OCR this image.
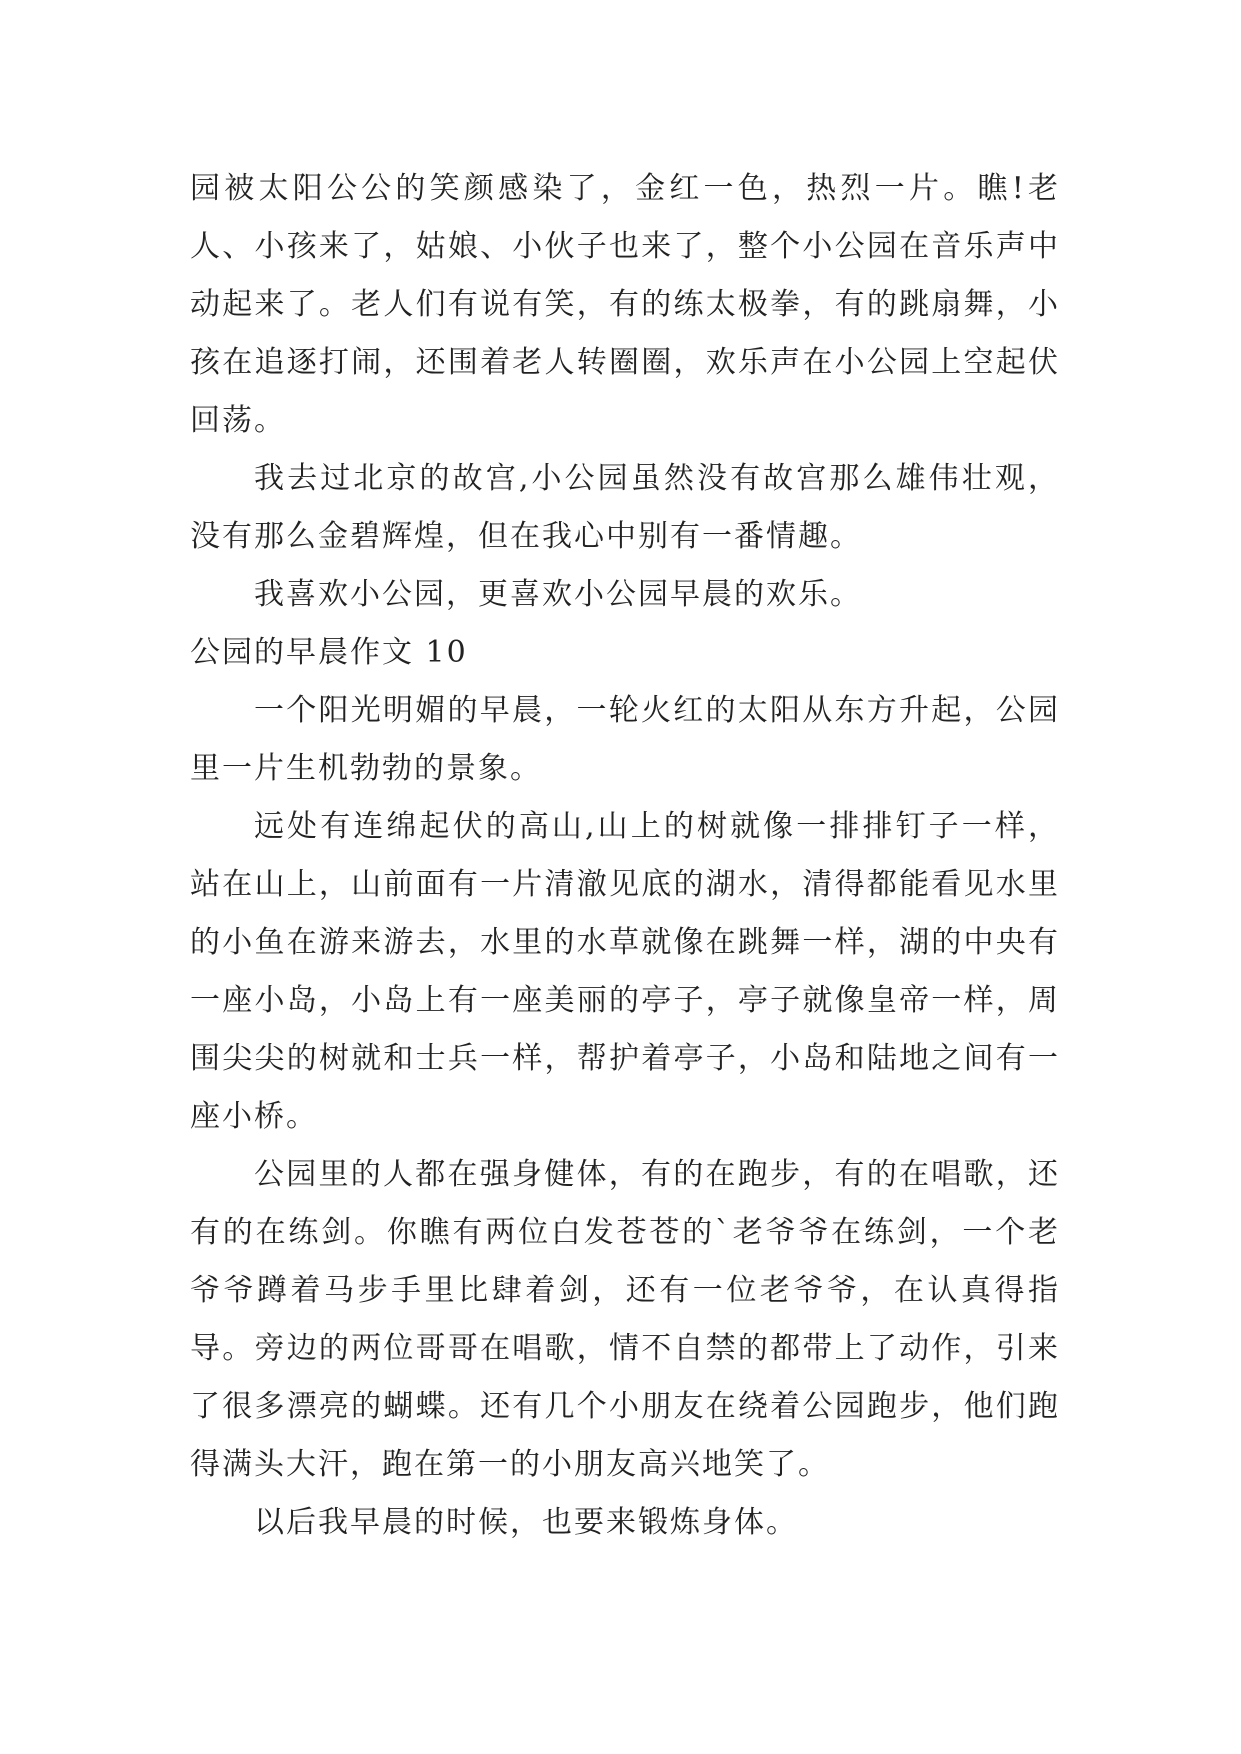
园被太阳公公的笑颜感染了，金红一色，热烈一片。瞧!老人、小孩来了，姑娘、小伙子也来了，整个小公园在音乐声中动起来了。老人们有说有笑，有的练太极拳，有的跳扇舞，小孩在追逐打闹，还围着老人转圈圈，欢乐声在小公园上空起伏回荡。

我去过北京的故宫,小公园虽然没有故宫那么雄伟壮观，没有那么金碧辉煌，但在我心中别有一番情趣。

我喜欢小公园，更喜欢小公园早晨的欢乐。

公园的早晨作文 10

一个阳光明媚的早晨，一轮火红的太阳从东方升起，公园里一片生机勃勃的景象。

远处有连绵起伏的高山,山上的树就像一排排钉子一样，站在山上，山前面有一片清澈见底的湖水，清得都能看见水里的小鱼在游来游去，水里的水草就像在跳舞一样，湖的中央有一座小岛，小岛上有一座美丽的亭子，亭子就像皇帝一样，周围尖尖的树就和士兵一样，帮护着亭子，小岛和陆地之间有一座小桥。

公园里的人都在强身健体，有的在跑步，有的在唱歌，还有的在练剑。你瞧有两位白发苍苍的`老爷爷在练剑，一个老爷爷蹲着马步手里比肆着剑，还有一位老爷爷，在认真得指导。旁边的两位哥哥在唱歌，情不自禁的都带上了动作，引来了很多漂亮的蝴蝶。还有几个小朋友在绕着公园跑步，他们跑得满头大汗，跑在第一的小朋友高兴地笑了。

以后我早晨的时候，也要来锻炼身体。
